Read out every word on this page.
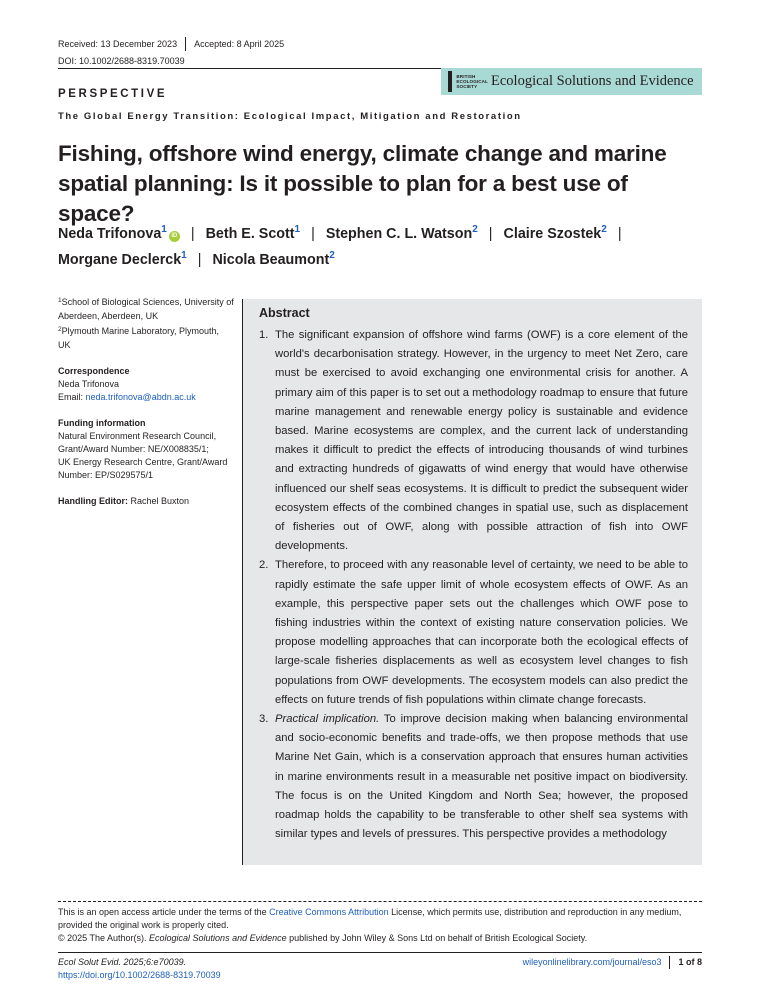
Received: 13 December 2023 Accepted: 8 April 2025
DOI: 10.1002/2688-8319.70039
BRITISH
ECOLOGICAL
SOCIETY Ecological Solutions and Evidence
PERSPECTIVE
The Global Energy Transition: Ecological Impact, Mitigation and Restoration
Fishing, offshore wind energy, climate change and marine spatial planning: Is it possible to plan for a best use of space?
Neda Trifonova$^1$iD | Beth E. Scott$^1$ | Stephen C. L. Watson$^2$ | Claire Szostek$^2$ |
Morgane Declerck$^1$ | Nicola Beaumont$^2$

$^1$School of Biological Sciences, University of Aberdeen, Aberdeen, UK

$^2$Plymouth Marine Laboratory, Plymouth, UK

Correspondence

Neda Trifonova

Email: neda.trifonova@abdn.ac.uk

Funding information

Natural Environment Research Council, Grant/Award Number: NE/X008835/1;

UK Energy Research Centre, Grant/Award Number: EP/S029575/1

Handling Editor: Rachel Buxton

Abstract
1. The significant expansion of offshore wind farms (OWF) is a core element of the world's decarbonisation strategy. However, in the urgency to meet Net Zero, care must be exercised to avoid exchanging one environmental crisis for another. A primary aim of this paper is to set out a methodology roadmap to ensure that future marine management and renewable energy policy is sustainable and evidence based. Marine ecosystems are complex, and the current lack of understanding makes it difficult to predict the effects of introducing thousands of wind turbines and extracting hundreds of gigawatts of wind energy that would have otherwise influenced our shelf seas ecosystems. It is difficult to predict the subsequent wider ecosystem effects of the combined changes in spatial use, such as displacement of fisheries out of OWF, along with possible attraction of fish into OWF developments.
2. Therefore, to proceed with any reasonable level of certainty, we need to be able to rapidly estimate the safe upper limit of whole ecosystem effects of OWF. As an example, this perspective paper sets out the challenges which OWF pose to fishing industries within the context of existing nature conservation policies. We propose modelling approaches that can incorporate both the ecological effects of large-scale fisheries displacements as well as ecosystem level changes to fish populations from OWF developments. The ecosystem models can also predict the effects on future trends of fish populations within climate change forecasts.
3. Practical implication. To improve decision making when balancing environmental and socio-economic benefits and trade-offs, we then propose methods that use Marine Net Gain, which is a conservation approach that ensures human activities in marine environments result in a measurable net positive impact on biodiversity. The focus is on the United Kingdom and North Sea; however, the proposed roadmap holds the capability to be transferable to other shelf sea systems with similar types and levels of pressures. This perspective provides a methodology

This is an open access article under the terms of the Creative Commons Attribution License, which permits use, distribution and reproduction in any medium, provided the original work is properly cited.

© 2025 The Author(s). Ecological Solutions and Evidence published by John Wiley & Sons Ltd on behalf of British Ecological Society.

Ecol Solut Evid. 2025;6:e70039.
https://doi.org/10.1002/2688-8319.70039
wileyonlinelibrary.com/journal/eso3 1 of 8
